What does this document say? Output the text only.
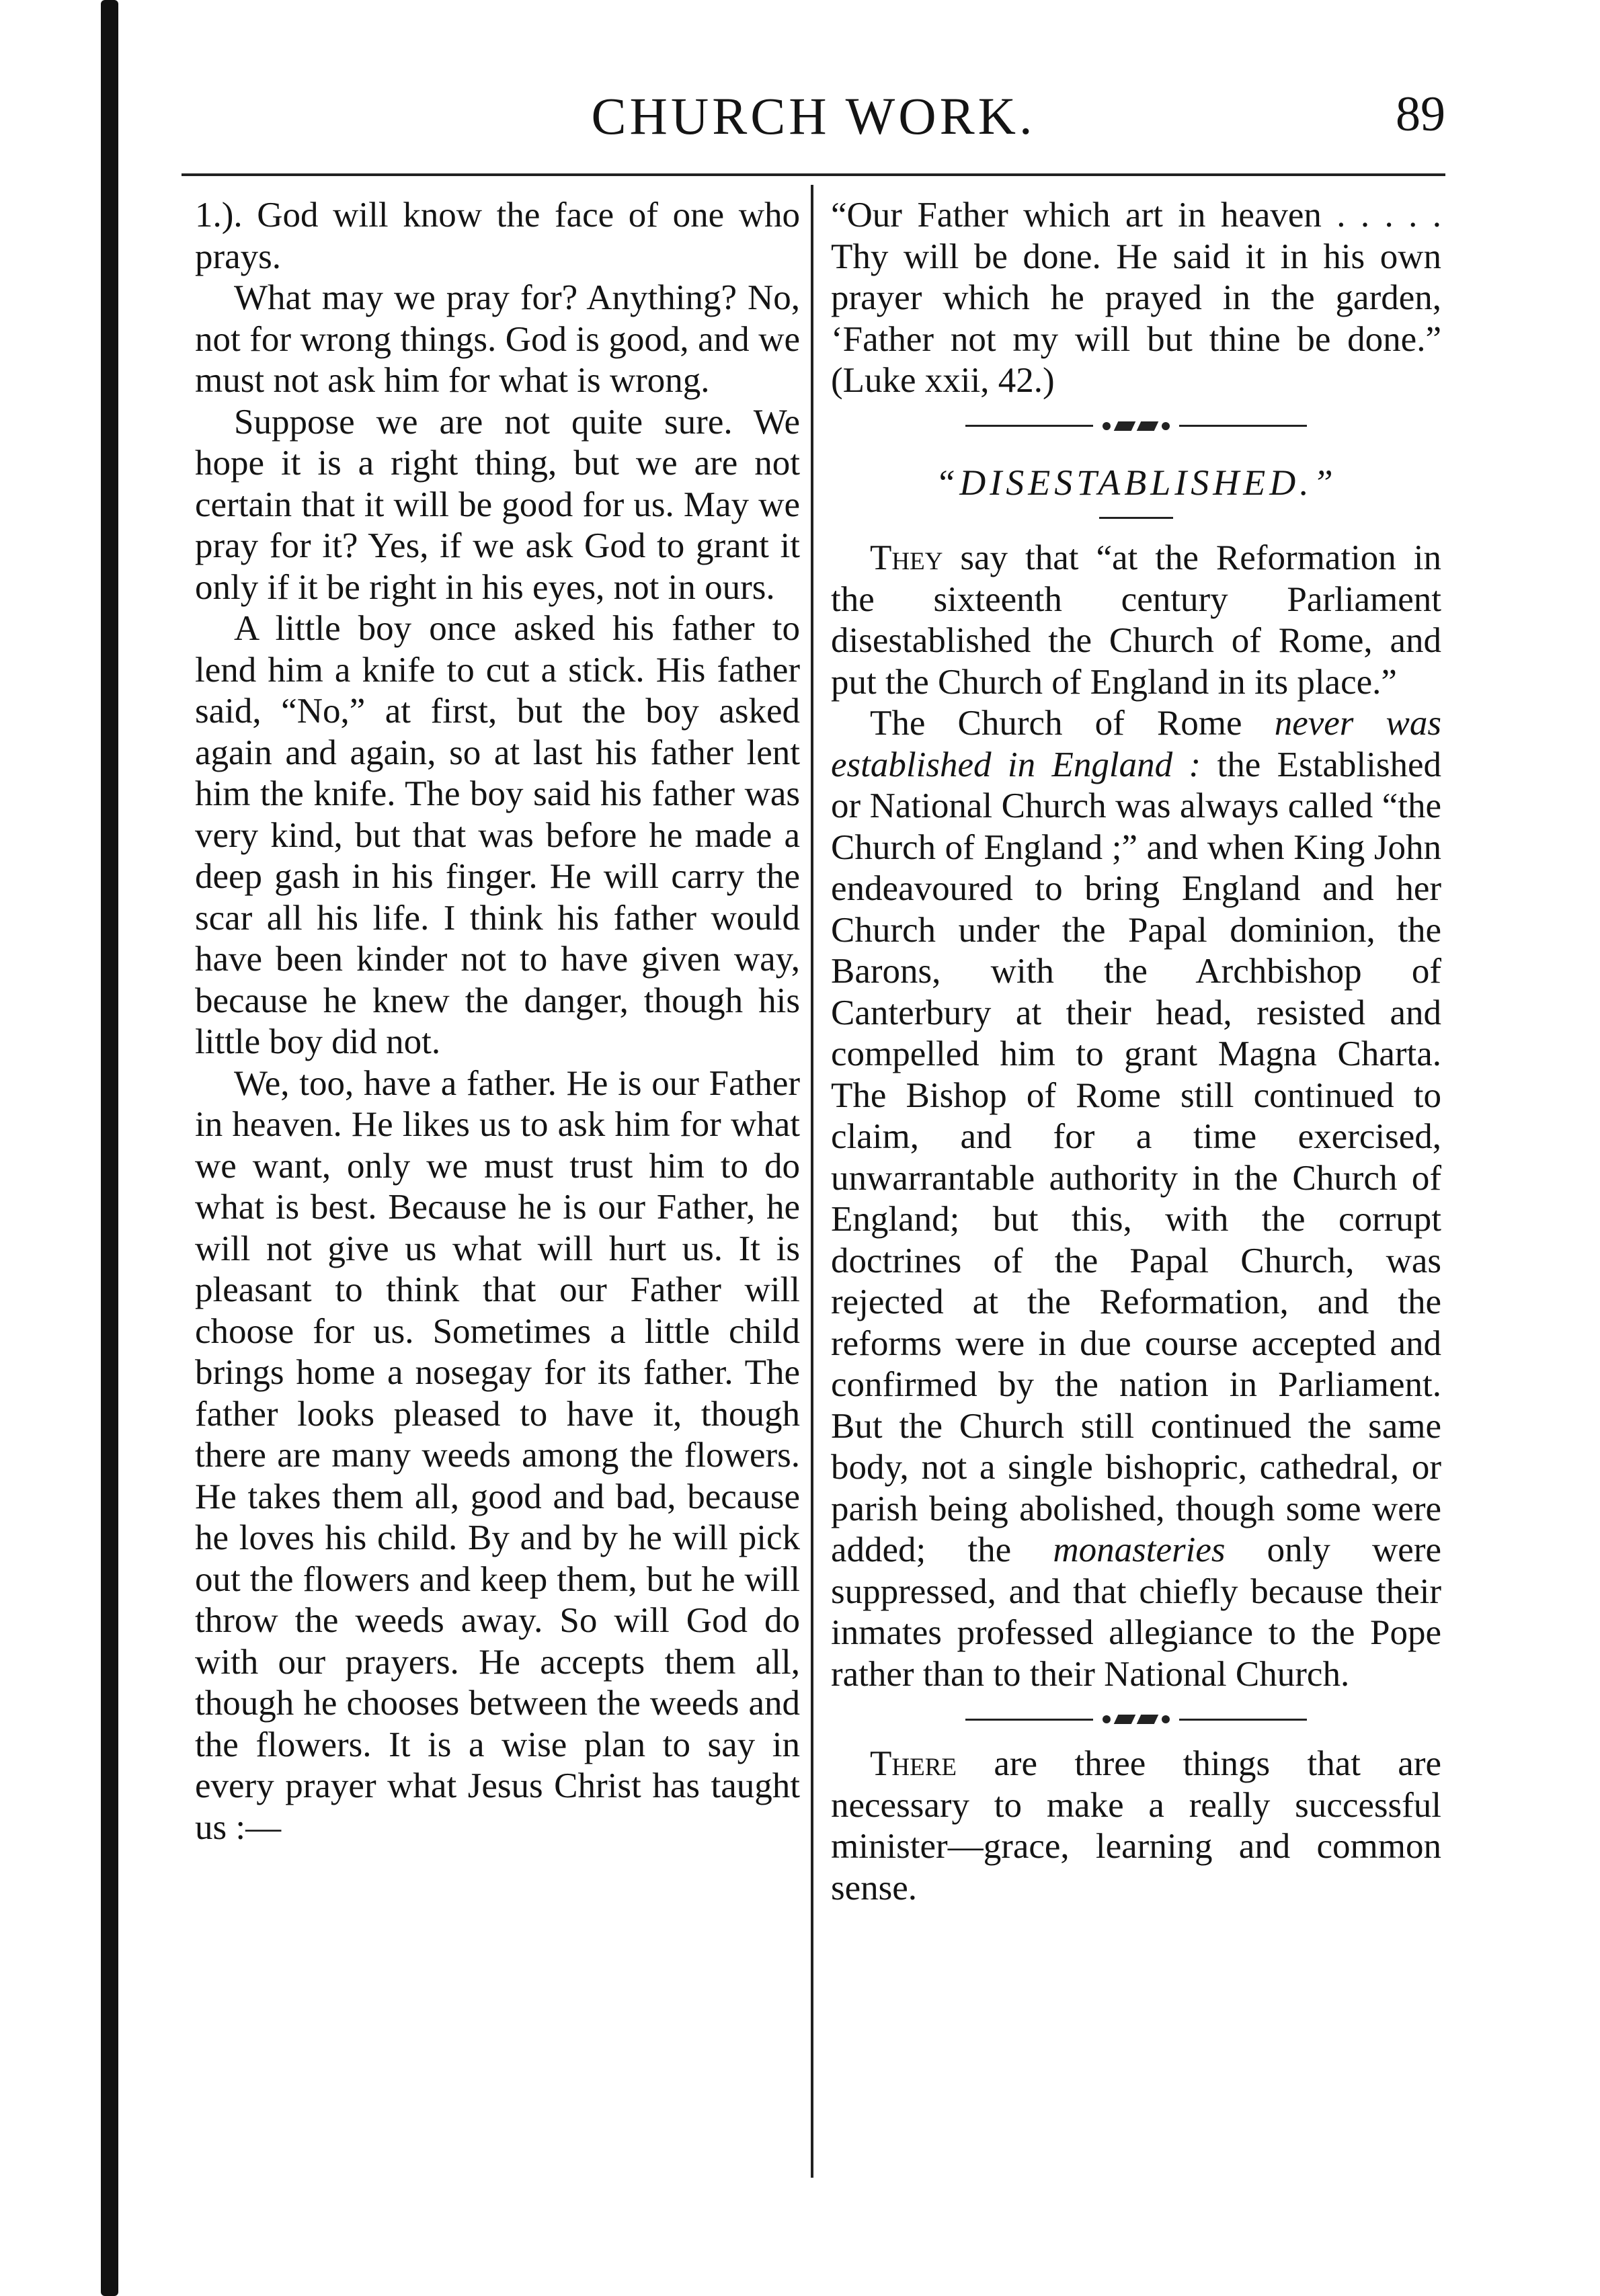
CHURCH WORK.	89

1.). God will know the face of one who prays.

What may we pray for? Anything? No, not for wrong things. God is good, and we must not ask him for what is wrong.

Suppose we are not quite sure. We hope it is a right thing, but we are not certain that it will be good for us. May we pray for it? Yes, if we ask God to grant it only if it be right in his eyes, not in ours.

A little boy once asked his father to lend him a knife to cut a stick. His father said, “No,” at first, but the boy asked again and again, so at last his father lent him the knife. The boy said his father was very kind, but that was before he made a deep gash in his finger. He will carry the scar all his life. I think his father would have been kinder not to have given way, because he knew the danger, though his little boy did not.

We, too, have a father. He is our Father in heaven. He likes us to ask him for what we want, only we must trust him to do what is best. Because he is our Father, he will not give us what will hurt us. It is pleasant to think that our Father will choose for us. Sometimes a little child brings home a nosegay for its father. The father looks pleased to have it, though there are many weeds among the flowers. He takes them all, good and bad, because he loves his child. By and by he will pick out the flowers and keep them, but he will throw the weeds away. So will God do with our prayers. He accepts them all, though he chooses between the weeds and the flowers. It is a wise plan to say in every prayer what Jesus Christ has taught us :—

“Our Father which art in heaven . . . . . Thy will be done. He said it in his own prayer which he prayed in the garden, ‘Father not my will but thine be done.” (Luke xxii, 42.)

“DISESTABLISHED.”

They say that “at the Reformation in the sixteenth century Parliament disestablished the Church of Rome, and put the Church of England in its place.”

The Church of Rome never was established in England : the Established or National Church was always called “the Church of England ;” and when King John endeavoured to bring England and her Church under the Papal dominion, the Barons, with the Archbishop of Canterbury at their head, resisted and compelled him to grant Magna Charta. The Bishop of Rome still continued to claim, and for a time exercised, unwarrantable authority in the Church of England; but this, with the corrupt doctrines of the Papal Church, was rejected at the Reformation, and the reforms were in due course accepted and confirmed by the nation in Parliament. But the Church still continued the same body, not a single bishopric, cathedral, or parish being abolished, though some were added; the monasteries only were suppressed, and that chiefly because their inmates professed allegiance to the Pope rather than to their National Church.

There are three things that are necessary to make a really successful minister—grace, learning and common sense.
